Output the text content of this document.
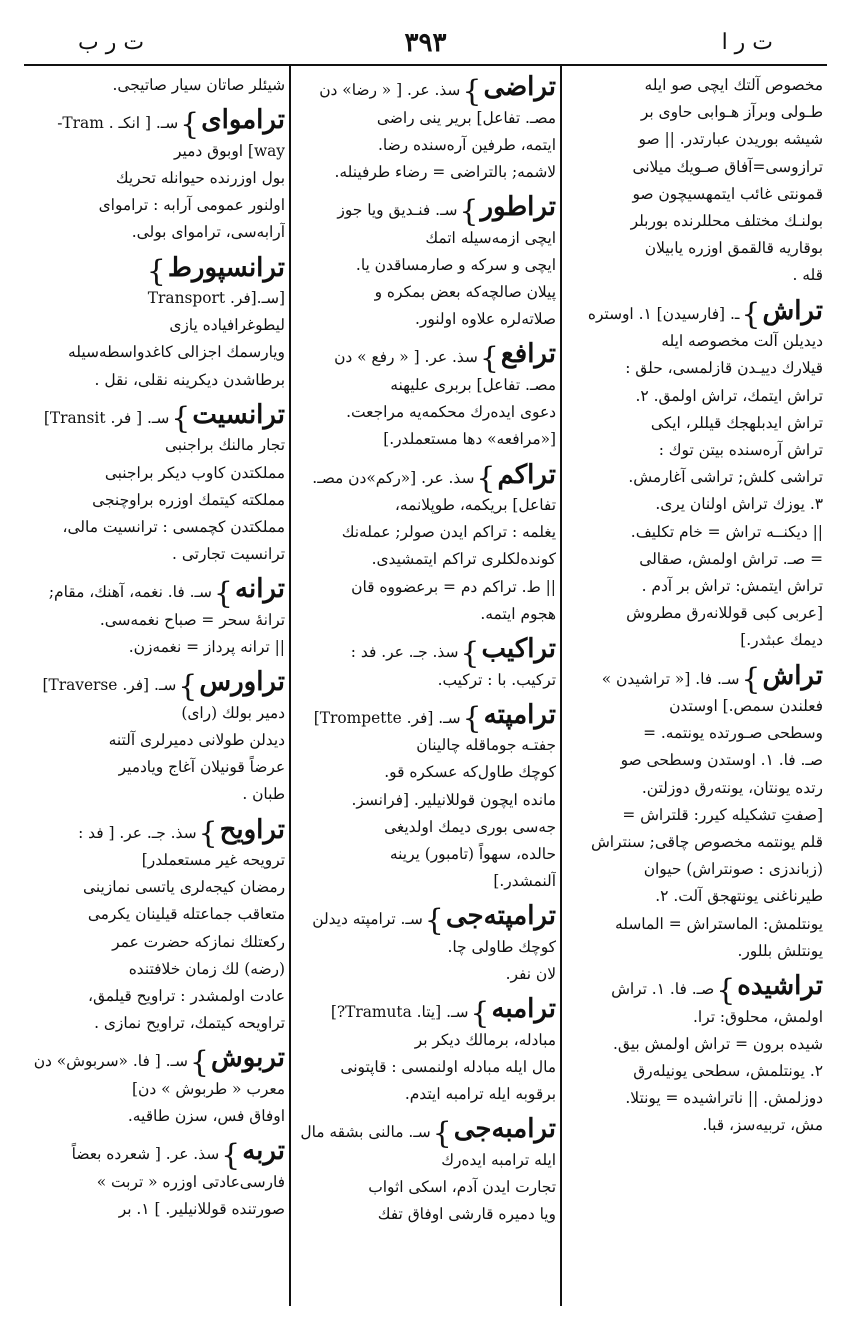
ت ر ا
٣٩٣
ت ر ب
مخصوص آلتك ايچى صو ايله
طـولى وبرآز هـوابى حاوى بر
شيشه بوريدن عبارتدر. || صو
ترازوسى=آفاق صـويك ميلانى
قمونتى غائب ايتمهسيچون صو
بولنـك مختلف محللرنده بوربلر
بوقاريه قالقمق اوزره يابيلان
قله .
تراش}ـ. [فارسيدن] ١. اوستره
ديديلن آلت مخصوصه ايله
قيلارك دييـدن قازلمسى، حلق :
تراش ايتمك، تراش اولمق. ٢.
تراش ايدبلهجك قيللر، ايكى
تراش آره‌سنده بيتن توك :
تراشى كلش; تراشى آغارمش.
٣. يوزك تراش اولنان يرى.
|| ديكنــه تراش = خام تكليف.
= صـ. تراش اولمش، صقالى
تراش ايتمش: تراش بر آدم .
[عربى كبى قوللانه‌رق مطروش
ديمك عبثدر.]
تراش}سـ. فا. [« تراشيدن »
فعلندن سمص.] اوستدن
وسطحى صـورتده يونتمه. =
صـ. فا. ١. اوستدن وسطحى صو
رتده يونتان، يونته‌رق دوزلتن.
[صفتِ تشكيله كيرر: قلتراش =
قلم يونتمه مخصوص چاقى; سنتراش
(زباندزى : صونتراش) حيوان
طيرناغنى يونتهجق آلت. ٢.
يونتلمش: الماستراش = الماسله
يونتلش بللور.
تراشيده}صـ. فا. ١. تراش
اولمش، محلوق: ترا‌.
شيده برون = تراش اولمش بيق.
٢. يونتلمش، سطحى يونيله‌رق
دوزلمش. || ناتراشيده = يونتلا.
مش، تربيه‌سز، قبا.
تراضى}سذ. عر. [ « رضا» دن
مصـ. تفاعل] برير ينى راضى
ايتمه، طرفين آره‌سنده رضا.
لاشمه; بالتراضى = رضاء طرفينله.
تراطور}سـ. فنـديق ويا جوز
ايچى ازمه‌سيله اتمك
ايچى و سركه و صارمساقدن يا.
پيلان صالچه‌كه بعض بمكره و
صلاته‌لره علاوه اولنور.
ترافع}سذ. عر. [ « رفع » دن
مصـ. تفاعل] بربرى عليهنه
دعوى ايده‌رك محكمه‌يه مراجعت.
[«مرافعه» دها مستعملدر.]
تراكم}سذ. عر. [«ركم»دن مصـ.
تفاعل] بريكمه، طوپلانمه،
يغلمه : تراكم ايدن صولر; عمله‌نك
كونده‌لكلرى تراكم ايتمشيدى.
|| ط. تراكم دم = برعضووه قان
هجوم ايتمه.
تراكيب}سذ. جـ. عر. فد :
تركيب. با : تركيب.
ترامپته}سـ. [فر. Trompette]
جفتـه جوماقله چالينان
كوچك طاول‌كه عسكره قو.
مانده ايچون قوللانيلير. [فرانسز.
جه‌سى بورى ديمك اولديغى
حالده، سهواً (تامبور) يرينه
آلنمشدر.]
ترامپته‌جى}سـ. ترامپته ديدلن
كوچك طاولى چا.
لان نفر.
ترامبه}سـ. [يتا. Tramuta?]
مبادله، برمالك ديكر بر
مال ايله مبادله اولنمسى : قاپتونى
برقوبه ايله ترامبه ايتدم.
ترامبه‌جى}سـ. مالنى بشقه مال
ايله ترامبه ايده‌رك
تجارت ايدن آدم، اسكى اثواب
ويا دميره قارشى اوفاق تفك
شيئلر صاتان سيار صاتيجى.
تراموای}سـ. [ انكـ . Tram-
way] اوبوق دمير
بول اوزرنده حيوانله تحريك
اولنور عمومى آرابه : تراموای
آرابه‌سى، تراموای بولى.
ترانسپورط}[سـ.[فر. Transport
ليطوغرافياده يازى
ويارسمك اجزالى كاغدواسطه‌سيله
برطاشدن ديكرينه نقلى، نقل .
ترانسيت}سـ. [ فر. Transit]
تجار مالنك براجنبى
مملكتدن كاوب ديكر براجنبى
مملكته كيتمك اوزره براوچنجى
مملكتدن كچمسى : ترانسيت مالى،
ترانسيت تجارتى .
ترانه}سـ. فا. نغمه، آهنك، مقام;
ترانهٔ سحر = صباح نغمه‌سى.
|| ترانه پرداز = نغمه‌زن.
تراورس}سـ. [فر. Traverse]
دمير بولك (راى)
ديدلن طولانى دميرلرى آلتنه
عرضاً قونيلان آغاج ويادمير
طبان .
تراويح}سذ. جـ. عر. [ فد :
ترويحه غير مستعملدر]
رمضان كيجه‌لرى ياتسى نمازينى
متعاقب جماعتله قيلينان يكرمى
ركعتلك نمازكه حضرت عمر
(رضه) لك زمان خلافتنده
عادت اولمشدر : تراويح قيلمق،
تراويحه كيتمك، تراويح نمازى .
تربوش}سـ. [ فا. «سربوش» دن
معرب « طربوش » دن]
اوفاق فس، سزن طاقيه.
تربه}سذ. عر. [ شعرده بعضاً
فارسى‌عادتى اوزره « تربت »
صورتنده قوللانيلير. ] ١. بر
